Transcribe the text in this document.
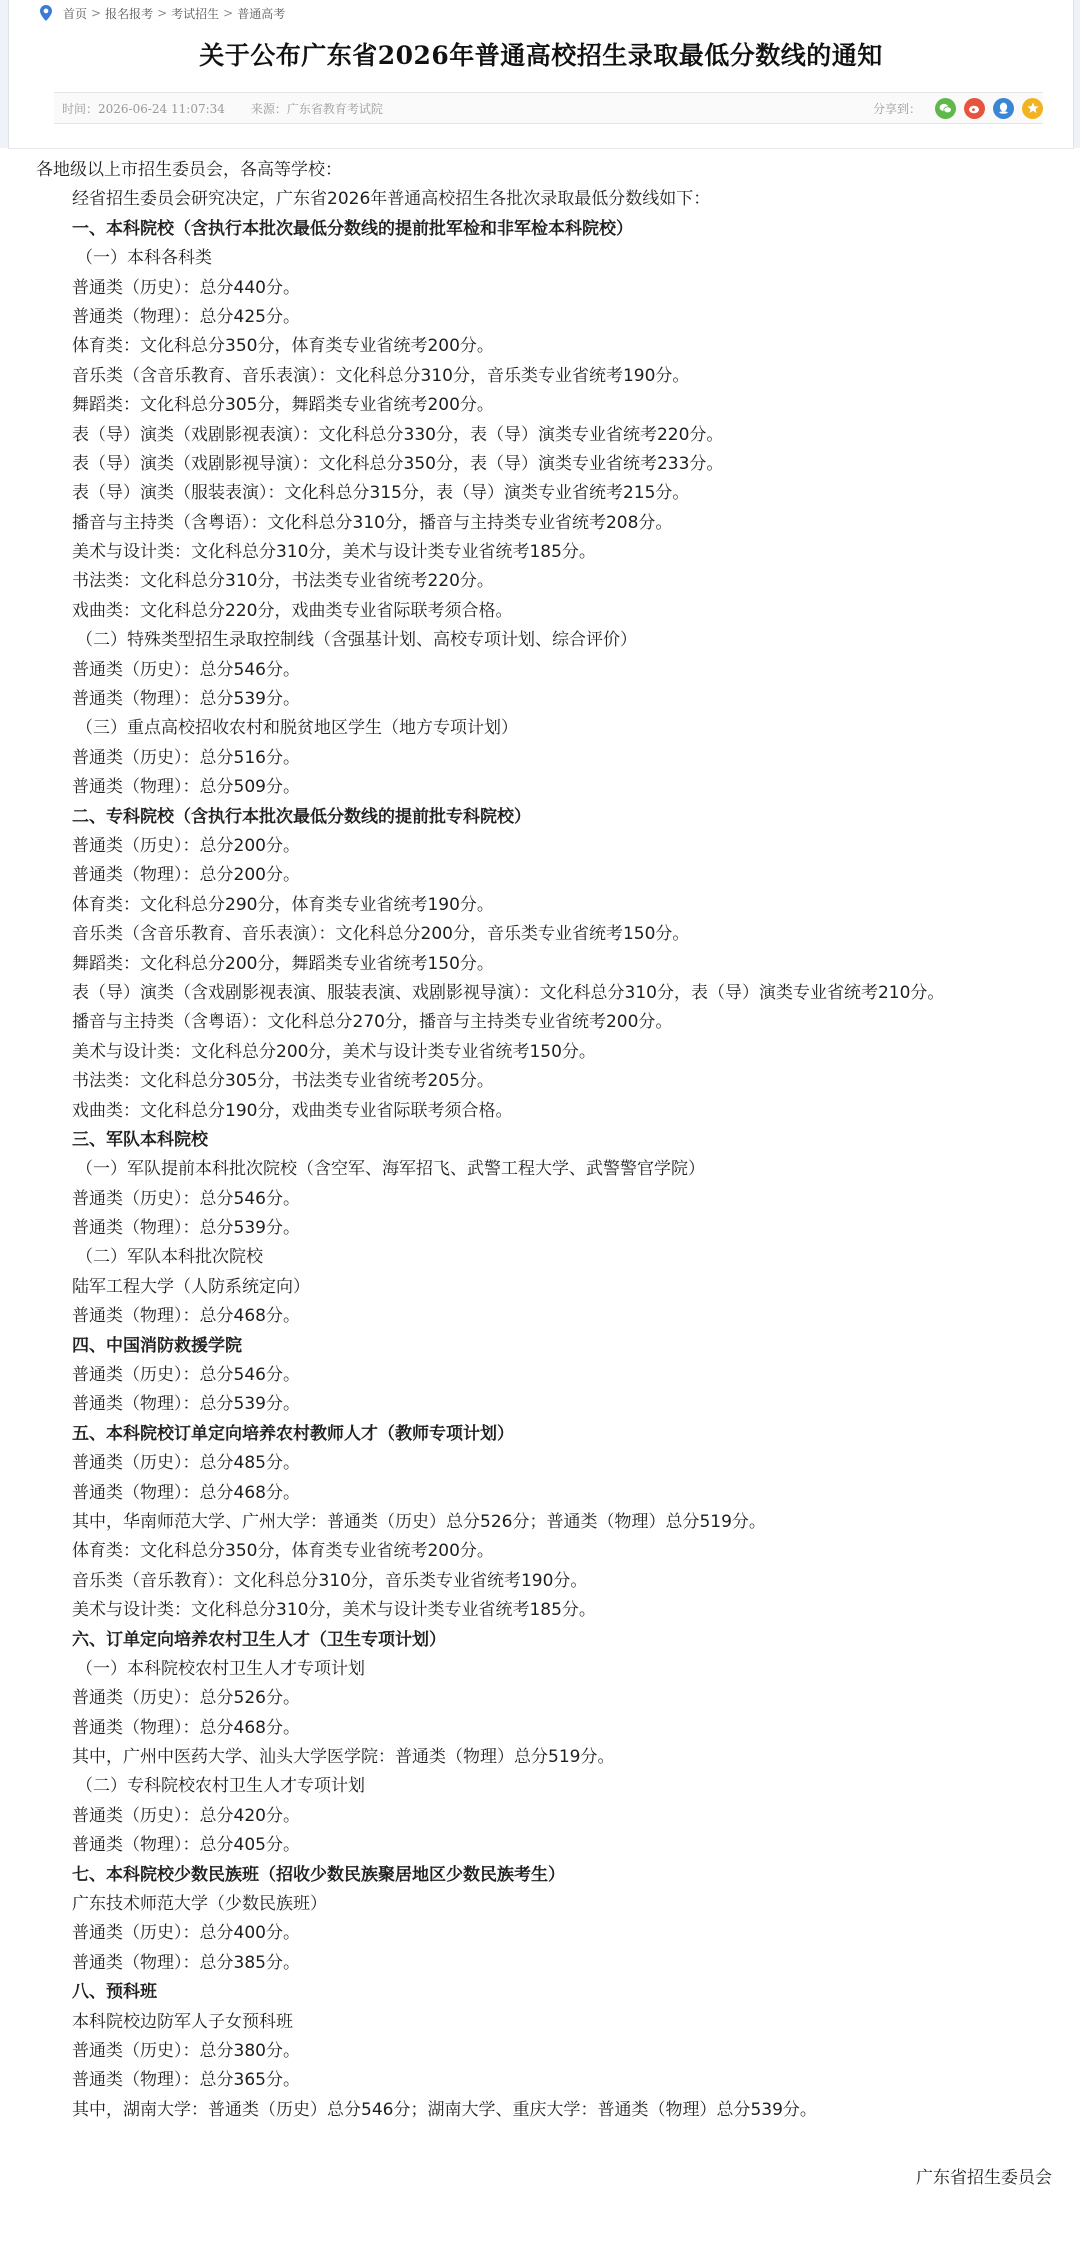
首页 > 报名报考 > 考试招生 > 普通高考
关于公布广东省2026年普通高校招生录取最低分数线的通知
时间：2026-06-24 11:07:34 来源：广东省教育考试院	分享到：
各地级以上市招生委员会，各高等学校：
经省招生委员会研究决定，广东省2026年普通高校招生各批次录取最低分数线如下：
一、本科院校（含执行本批次最低分数线的提前批军检和非军检本科院校）
（一）本科各科类
普通类（历史）：总分440分。
普通类（物理）：总分425分。
体育类：文化科总分350分，体育类专业省统考200分。
音乐类（含音乐教育、音乐表演）：文化科总分310分，音乐类专业省统考190分。
舞蹈类：文化科总分305分，舞蹈类专业省统考200分。
表（导）演类（戏剧影视表演）：文化科总分330分，表（导）演类专业省统考220分。
表（导）演类（戏剧影视导演）：文化科总分350分，表（导）演类专业省统考233分。
表（导）演类（服装表演）：文化科总分315分，表（导）演类专业省统考215分。
播音与主持类（含粤语）：文化科总分310分，播音与主持类专业省统考208分。
美术与设计类：文化科总分310分，美术与设计类专业省统考185分。
书法类：文化科总分310分，书法类专业省统考220分。
戏曲类：文化科总分220分，戏曲类专业省际联考须合格。
（二）特殊类型招生录取控制线（含强基计划、高校专项计划、综合评价）
普通类（历史）：总分546分。
普通类（物理）：总分539分。
（三）重点高校招收农村和脱贫地区学生（地方专项计划）
普通类（历史）：总分516分。
普通类（物理）：总分509分。
二、专科院校（含执行本批次最低分数线的提前批专科院校）
普通类（历史）：总分200分。
普通类（物理）：总分200分。
体育类：文化科总分290分，体育类专业省统考190分。
音乐类（含音乐教育、音乐表演）：文化科总分200分，音乐类专业省统考150分。
舞蹈类：文化科总分200分，舞蹈类专业省统考150分。
表（导）演类（含戏剧影视表演、服装表演、戏剧影视导演）：文化科总分310分，表（导）演类专业省统考210分。
播音与主持类（含粤语）：文化科总分270分，播音与主持类专业省统考200分。
美术与设计类：文化科总分200分，美术与设计类专业省统考150分。
书法类：文化科总分305分，书法类专业省统考205分。
戏曲类：文化科总分190分，戏曲类专业省际联考须合格。
三、军队本科院校
（一）军队提前本科批次院校（含空军、海军招飞、武警工程大学、武警警官学院）
普通类（历史）：总分546分。
普通类（物理）：总分539分。
（二）军队本科批次院校
陆军工程大学（人防系统定向）
普通类（物理）：总分468分。
四、中国消防救援学院
普通类（历史）：总分546分。
普通类（物理）：总分539分。
五、本科院校订单定向培养农村教师人才（教师专项计划）
普通类（历史）：总分485分。
普通类（物理）：总分468分。
其中，华南师范大学、广州大学：普通类（历史）总分526分；普通类（物理）总分519分。
体育类：文化科总分350分，体育类专业省统考200分。
音乐类（音乐教育）：文化科总分310分，音乐类专业省统考190分。
美术与设计类：文化科总分310分，美术与设计类专业省统考185分。
六、订单定向培养农村卫生人才（卫生专项计划）
（一）本科院校农村卫生人才专项计划
普通类（历史）：总分526分。
普通类（物理）：总分468分。
其中，广州中医药大学、汕头大学医学院：普通类（物理）总分519分。
（二）专科院校农村卫生人才专项计划
普通类（历史）：总分420分。
普通类（物理）：总分405分。
七、本科院校少数民族班（招收少数民族聚居地区少数民族考生）
广东技术师范大学（少数民族班）
普通类（历史）：总分400分。
普通类（物理）：总分385分。
八、预科班
本科院校边防军人子女预科班
普通类（历史）：总分380分。
普通类（物理）：总分365分。
其中，湖南大学：普通类（历史）总分546分；湖南大学、重庆大学：普通类（物理）总分539分。
广东省招生委员会
